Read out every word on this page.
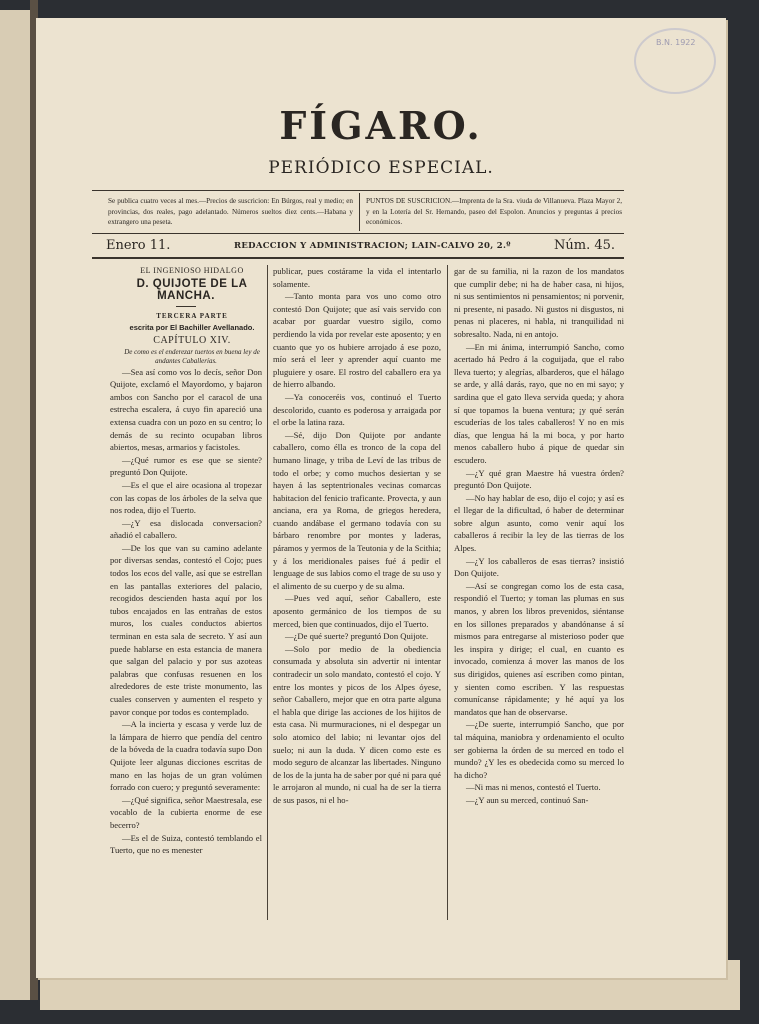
B.N. 1922
FÍGARO.
PERIÓDICO ESPECIAL.
Se publica cuatro veces al mes.—Precios de suscricion: En Búrgos, real y medio; en provincias, dos reales, pago adelantado. Números sueltos diez cents.—Habana y extrangero una peseta.
PUNTOS DE SUSCRICION.—Imprenta de la Sra. viuda de Villanueva. Plaza Mayor 2, y en la Lotería del Sr. Hernando, paseo del Espolon. Anuncios y preguntas á precios económicos.
Enero 11.	REDACCION Y ADMINISTRACION; LAIN-CALVO 20, 2.º	Núm. 45.

EL INGENIOSO HIDALGO

D. QUIJOTE DE LA MANCHA.

TERCERA PARTE

escrita por El Bachiller Avellanado.

CAPÍTULO XIV.

De como es el enderezar tuertos en buena ley de andantes Caballerías.

—Sea así como vos lo decís, señor Don Quijote, exclamó el Mayordomo, y bajaron ambos con Sancho por el caracol de una estrecha escalera, á cuyo fin apareció una extensa cuadra con un pozo en su centro; lo demás de su recinto ocupaban libros abiertos, mesas, armarios y facistoles.

—¿Qué rumor es ese que se siente? preguntó Don Quijote.

—Es el que el aire ocasiona al tropezar con las copas de los árboles de la selva que nos rodea, dijo el Tuerto.

—¿Y esa dislocada conversacion? añadió el caballero.

—De los que van su camino adelante por diversas sendas, contestó el Cojo; pues todos los ecos del valle, así que se estrellan en las pantallas exteriores del palacio, recogidos descienden hasta aquí por los tubos encajados en las entrañas de estos muros, los cuales conductos abiertos terminan en esta sala de secreto. Y así aun puede hablarse en esta estancia de manera que salgan del palacio y por sus azoteas palabras que confusas resuenen en los alrededores de este triste monumento, las cuales conserven y aumenten el respeto y pavor conque por todos es contemplado.

—A la incierta y escasa y verde luz de la lámpara de hierro que pendía del centro de la bóveda de la cuadra todavía supo Don Quijote leer algunas dicciones escritas de mano en las hojas de un gran volúmen forrado con cuero; y preguntó severamente:

—¿Qué significa, señor Maestresala, ese vocablo de la cubierta enorme de ese becerro?

—Es el de Suiza, contestó temblando el Tuerto, que no es menester

publicar, pues costárame la vida el intentarlo solamente.

—Tanto monta para vos uno como otro contestó Don Quijote; que así vais servido con acabar por guardar vuestro sigilo, como perdiendo la vida por revelar este aposento; y en cuanto que yo os hubiere arrojado á ese pozo, mío será el leer y aprender aquí cuanto me pluguiere y osare. El rostro del caballero era ya de hierro albando.

—Ya conoceréis vos, continuó el Tuerto descolorido, cuanto es poderosa y arraigada por el orbe la latina raza.

—Sé, dijo Don Quijote por andante caballero, como élla es tronco de la copa del humano linage, y triba de Leví de las tribus de todo el orbe; y como muchos desiertan y se hayen á las septentrionales vecinas comarcas habitacion del fenicio traficante. Provecta, y aun anciana, era ya Roma, de griegos heredera, cuando andábase el germano todavía con su bárbaro renombre por montes y laderas, páramos y yermos de la Teutonia y de la Scithia; y á los meridionales paises fué á pedir el lenguage de sus labios como el trage de su uso y el alimento de su cuerpo y de su alma.

—Pues ved aquí, señor Caballero, este aposento germánico de los tiempos de su merced, bien que continuados, dijo el Tuerto.

—¿De qué suerte? preguntó Don Quijote.

—Solo por medio de la obediencia consumada y absoluta sin advertir ni intentar contradecir un solo mandato, contestó el cojo. Y entre los montes y picos de los Alpes óyese, señor Caballero, mejor que en otra parte alguna el habla que dirige las acciones de los hijitos de esta casa. Ni murmuraciones, ni el despegar un solo atomico del labio; ni levantar ojos del suelo; ni aun la duda. Y dicen como este es modo seguro de alcanzar las libertades. Ninguno de los de la junta ha de saber por qué ni para qué le arrojaron al mundo, ni cual ha de ser la tierra de sus pasos, ni el ho-

gar de su familia, ni la razon de los mandatos que cumplir debe; ni ha de haber casa, ni hijos, ni sus sentimientos ni pensamientos; ni porvenir, ni presente, ni pasado. Ni gustos ni disgustos, ni penas ni placeres, ni habla, ni tranquilidad ni sobresalto. Nada, ni en antojo.

—En mi ánima, interrumpió Sancho, como acertado há Pedro á la coguijada, que el rabo lleva tuerto; y alegrías, albarderos, que el hálago se arde, y allá darás, rayo, que no en mi sayo; y sardina que el gato lleva servida queda; y ahora sí que topamos la buena ventura; ¡y qué serán escuderías de los tales caballeros! Y no en mis días, que lengua há la mi boca, y por harto menos caballero hubo á pique de quedar sin escudero.

—¿Y qué gran Maestre há vuestra órden? preguntó Don Quijote.

—No hay hablar de eso, dijo el cojo; y así es el llegar de la dificultad, ó haber de determinar sobre algun asunto, como venir aquí los caballeros á recibir la ley de las tierras de los Alpes.

—¿Y los caballeros de esas tierras? insistió Don Quijote.

—Así se congregan como los de esta casa, respondió el Tuerto; y toman las plumas en sus manos, y abren los libros prevenidos, siéntanse en los sillones preparados y abandónanse á sí mismos para entregarse al misterioso poder que les inspira y dirige; el cual, en cuanto es invocado, comienza á mover las manos de los sus dirigidos, quienes así escriben como pintan, y sienten como escriben. Y las respuestas comunícanse rápidamente; y hé aquí ya los mandatos que han de observarse.

—¿De suerte, interrumpió Sancho, que por tal máquina, maniobra y ordenamiento el oculto ser gobierna la órden de su merced en todo el mundo? ¿Y les es obedecida como su merced lo ha dicho?

—Ni mas ni menos, contestó el Tuerto.

—¿Y aun su merced, continuó San-
